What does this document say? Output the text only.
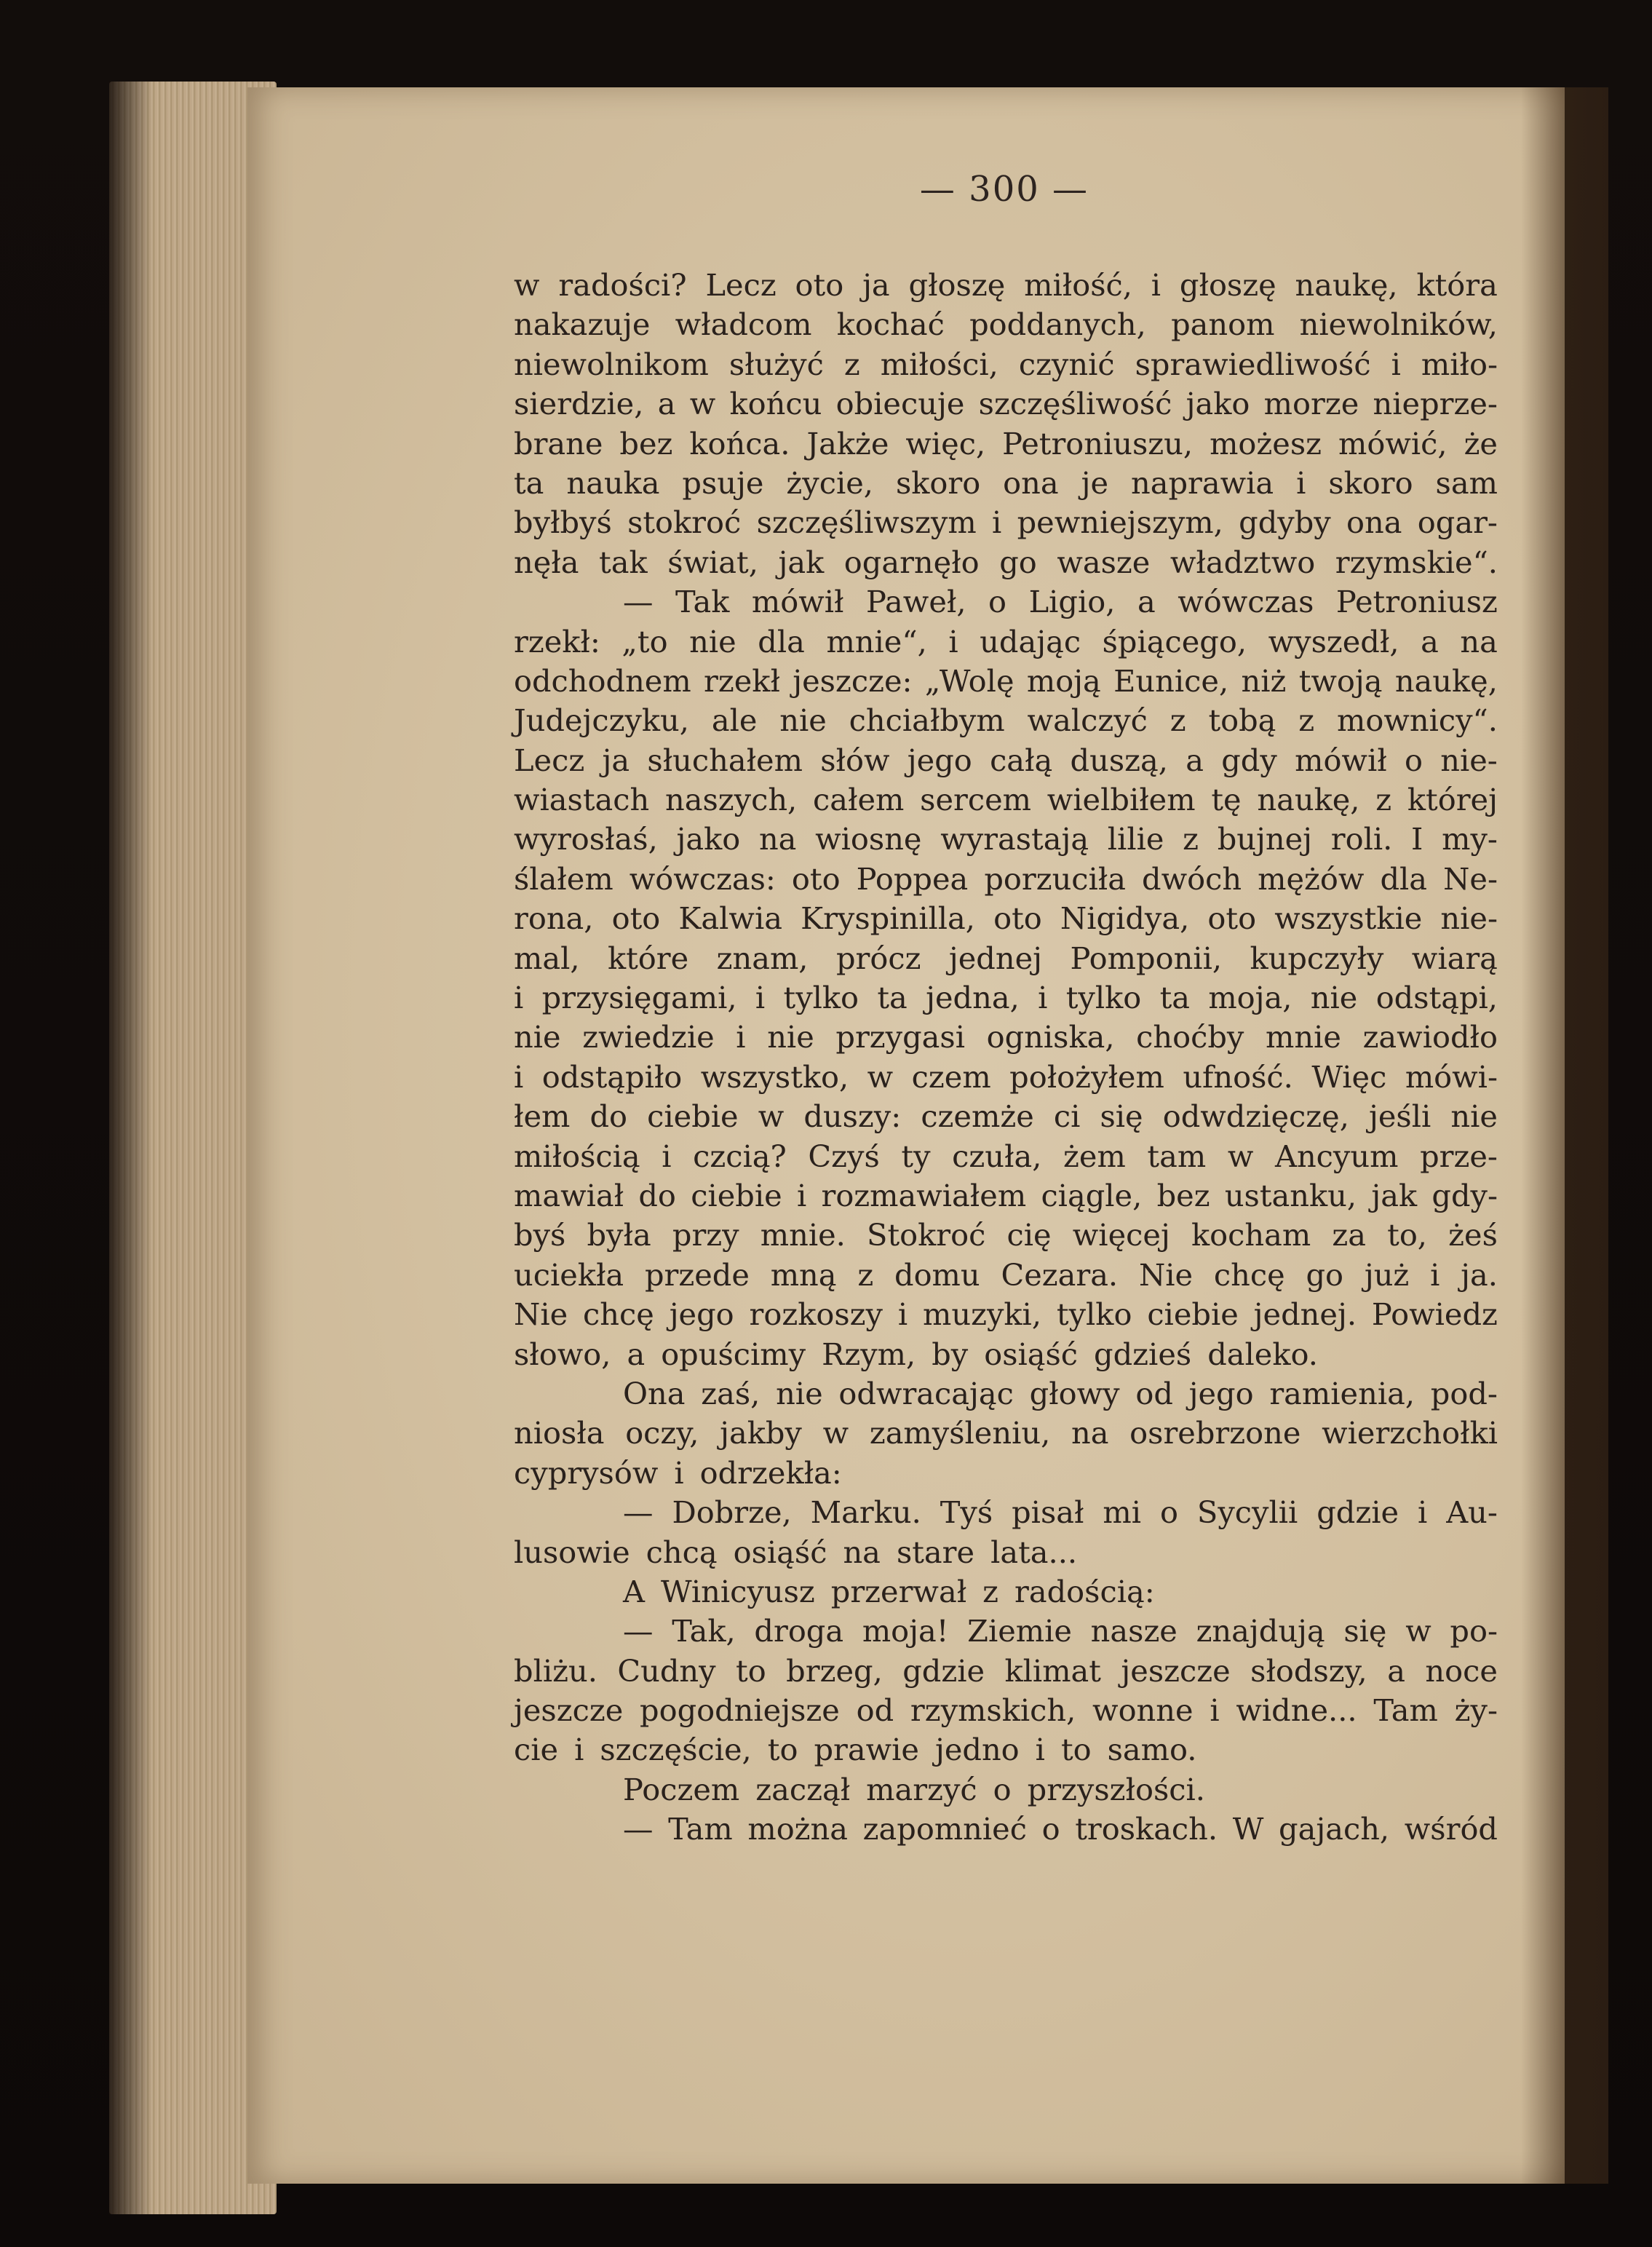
— 300 —
w radości? Lecz oto ja głoszę miłość, i głoszę naukę, która
nakazuje władcom kochać poddanych, panom niewolników,
niewolnikom służyć z miłości, czynić sprawiedliwość i miło-
sierdzie, a w końcu obiecuje szczęśliwość jako morze nieprze-
brane bez końca. Jakże więc, Petroniuszu, możesz mówić, że
ta nauka psuje życie, skoro ona je naprawia i skoro sam
byłbyś stokroć szczęśliwszym i pewniejszym, gdyby ona ogar-
nęła tak świat, jak ogarnęło go wasze władztwo rzymskie“.
— Tak mówił Paweł, o Ligio, a wówczas Petroniusz
rzekł: „to nie dla mnie“, i udając śpiącego, wyszedł, a na
odchodnem rzekł jeszcze: „Wolę moją Eunice, niż twoją naukę,
Judejczyku, ale nie chciałbym walczyć z tobą z mownicy“.
Lecz ja słuchałem słów jego całą duszą, a gdy mówił o nie-
wiastach naszych, całem sercem wielbiłem tę naukę, z której
wyrosłaś, jako na wiosnę wyrastają lilie z bujnej roli. I my-
ślałem wówczas: oto Poppea porzuciła dwóch mężów dla Ne-
rona, oto Kalwia Kryspinilla, oto Nigidya, oto wszystkie nie-
mal, które znam, prócz jednej Pomponii, kupczyły wiarą
i przysięgami, i tylko ta jedna, i tylko ta moja, nie odstąpi,
nie zwiedzie i nie przygasi ogniska, choćby mnie zawiodło
i odstąpiło wszystko, w czem położyłem ufność. Więc mówi-
łem do ciebie w duszy: czemże ci się odwdzięczę, jeśli nie
miłością i czcią? Czyś ty czuła, żem tam w Ancyum prze-
mawiał do ciebie i rozmawiałem ciągle, bez ustanku, jak gdy-
byś była przy mnie. Stokroć cię więcej kocham za to, żeś
uciekła przede mną z domu Cezara. Nie chcę go już i ja.
Nie chcę jego rozkoszy i muzyki, tylko ciebie jednej. Powiedz
słowo, a opuścimy Rzym, by osiąść gdzieś daleko.
Ona zaś, nie odwracając głowy od jego ramienia, pod-
niosła oczy, jakby w zamyśleniu, na osrebrzone wierzchołki
cyprysów i odrzekła:
— Dobrze, Marku. Tyś pisał mi o Sycylii gdzie i Au-
lusowie chcą osiąść na stare lata...
A Winicyusz przerwał z radością:
— Tak, droga moja! Ziemie nasze znajdują się w po-
bliżu. Cudny to brzeg, gdzie klimat jeszcze słodszy, a noce
jeszcze pogodniejsze od rzymskich, wonne i widne... Tam ży-
cie i szczęście, to prawie jedno i to samo.
Poczem zaczął marzyć o przyszłości.
— Tam można zapomnieć o troskach. W gajach, wśród
